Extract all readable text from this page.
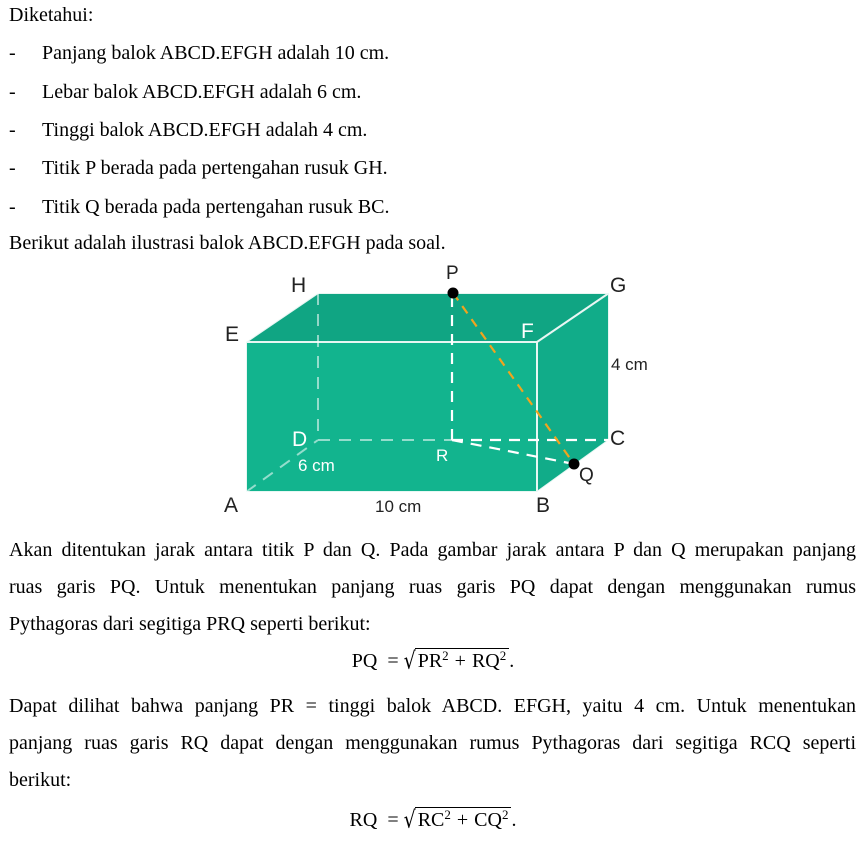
Diketahui:
- Panjang balok ABCD.EFGH adalah 10 cm.
- Lebar balok ABCD.EFGH adalah 6 cm.
- Tinggi balok ABCD.EFGH adalah 4 cm.
- Titik P berada pada pertengahan rusuk GH.
- Titik Q berada pada pertengahan rusuk BC.
Berikut adalah ilustrasi balok ABCD.EFGH pada soal.
H
P
G
E	F
D
R
C
Q
A	B
4 cm
6 cm
10 cm
Akan ditentukan jarak antara titik P dan Q. Pada gambar jarak antara P dan Q merupakan panjang
ruas garis PQ. Untuk menentukan panjang ruas garis PQ dapat dengan menggunakan rumus
Pythagoras dari segitiga PRQ seperti berikut:
PQ = √ $PR^2 + RQ^2$ .
Dapat dilihat bahwa panjang PR = tinggi balok ABCD. EFGH, yaitu 4 cm. Untuk menentukan
panjang ruas garis RQ dapat dengan menggunakan rumus Pythagoras dari segitiga RCQ seperti
berikut:
RQ = √ $RC^2 + CQ^2$ .
